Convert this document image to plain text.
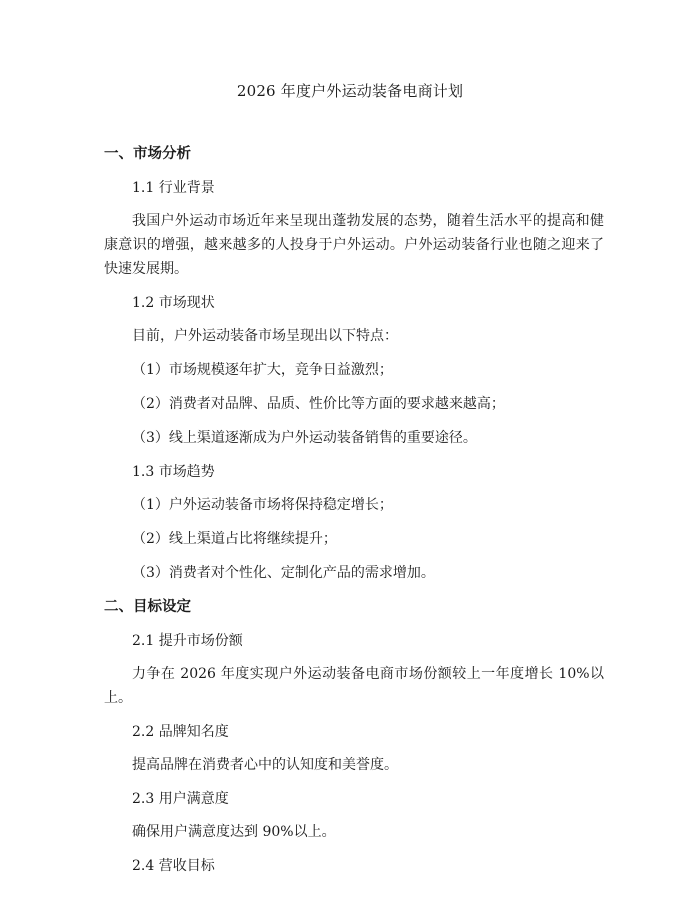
2026 年度户外运动装备电商计划
一、市场分析
1.1 行业背景
我国户外运动市场近年来呈现出蓬勃发展的态势，随着生活水平的提高和健康意识的增强，越来越多的人投身于户外运动。户外运动装备行业也随之迎来了快速发展期。
1.2 市场现状
目前，户外运动装备市场呈现出以下特点：
（1）市场规模逐年扩大，竞争日益激烈；
（2）消费者对品牌、品质、性价比等方面的要求越来越高；
（3）线上渠道逐渐成为户外运动装备销售的重要途径。
1.3 市场趋势
（1）户外运动装备市场将保持稳定增长；
（2）线上渠道占比将继续提升；
（3）消费者对个性化、定制化产品的需求增加。
二、目标设定
2.1 提升市场份额
力争在 2026 年度实现户外运动装备电商市场份额较上一年度增长 10%以上。
2.2 品牌知名度
提高品牌在消费者心中的认知度和美誉度。
2.3 用户满意度
确保用户满意度达到 90%以上。
2.4 营收目标
